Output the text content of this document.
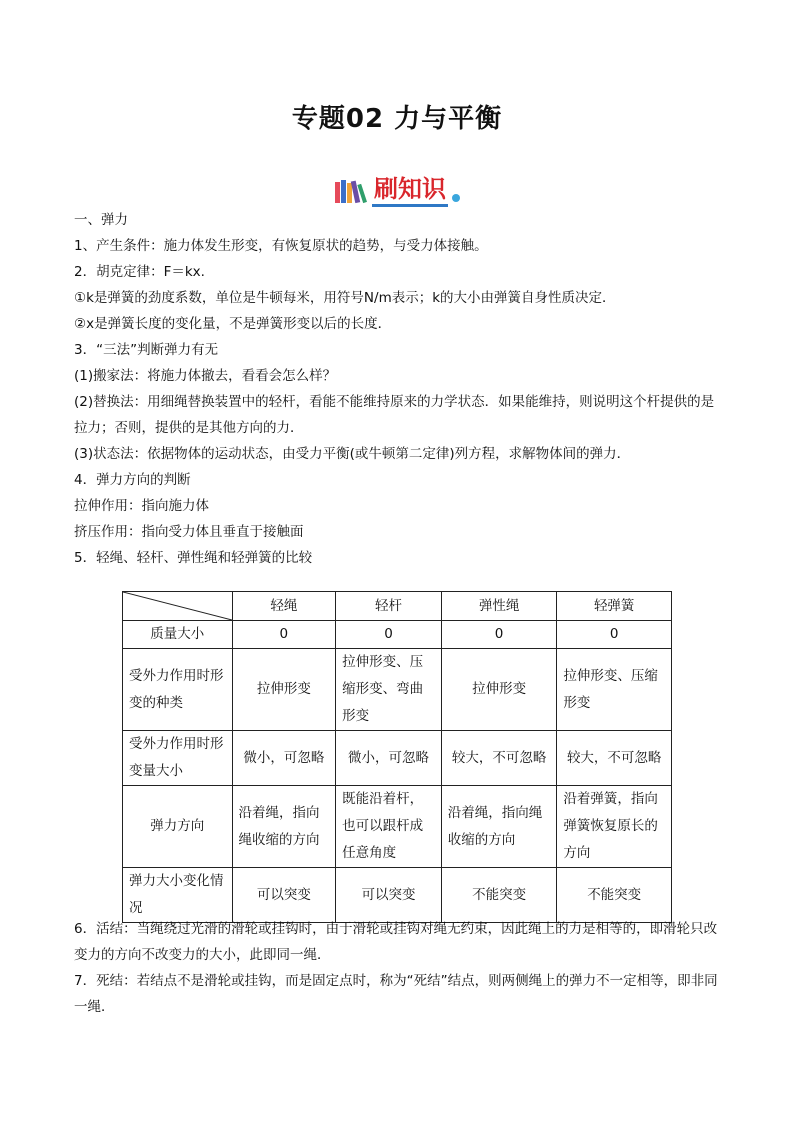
专题02 力与平衡
刷知识
一、弹力
1、产生条件：施力体发生形变，有恢复原状的趋势，与受力体接触。
2．胡克定律：F＝kx.
①k是弹簧的劲度系数，单位是牛顿每米，用符号N/m表示；k的大小由弹簧自身性质决定．
②x是弹簧长度的变化量，不是弹簧形变以后的长度．
3．“三法”判断弹力有无
(1)搬家法：将施力体撤去，看看会怎么样？
(2)替换法：用细绳替换装置中的轻杆，看能不能维持原来的力学状态．如果能维持，则说明这个杆提供的是拉力；否则，提供的是其他方向的力．
(3)状态法：依据物体的运动状态，由受力平衡(或牛顿第二定律)列方程，求解物体间的弹力．
4．弹力方向的判断
拉伸作用：指向施力体
挤压作用：指向受力体且垂直于接触面
5．轻绳、轻杆、弹性绳和轻弹簧的比较
	轻绳	轻杆	弹性绳	轻弹簧
质量大小	0	0	0	0
受外力作用时形变的种类	拉伸形变	拉伸形变、压缩形变、弯曲形变	拉伸形变	拉伸形变、压缩形变
受外力作用时形变量大小	微小，可忽略	微小，可忽略	较大，不可忽略	较大，不可忽略
弹力方向	沿着绳，指向绳收缩的方向	既能沿着杆，也可以跟杆成任意角度	沿着绳，指向绳收缩的方向	沿着弹簧，指向弹簧恢复原长的方向
弹力大小变化情况	可以突变	可以突变	不能突变	不能突变
6．活结：当绳绕过光滑的滑轮或挂钩时，由于滑轮或挂钩对绳无约束，因此绳上的力是相等的，即滑轮只改变力的方向不改变力的大小，此即同一绳．
7．死结：若结点不是滑轮或挂钩，而是固定点时，称为“死结”结点，则两侧绳上的弹力不一定相等，即非同一绳．
